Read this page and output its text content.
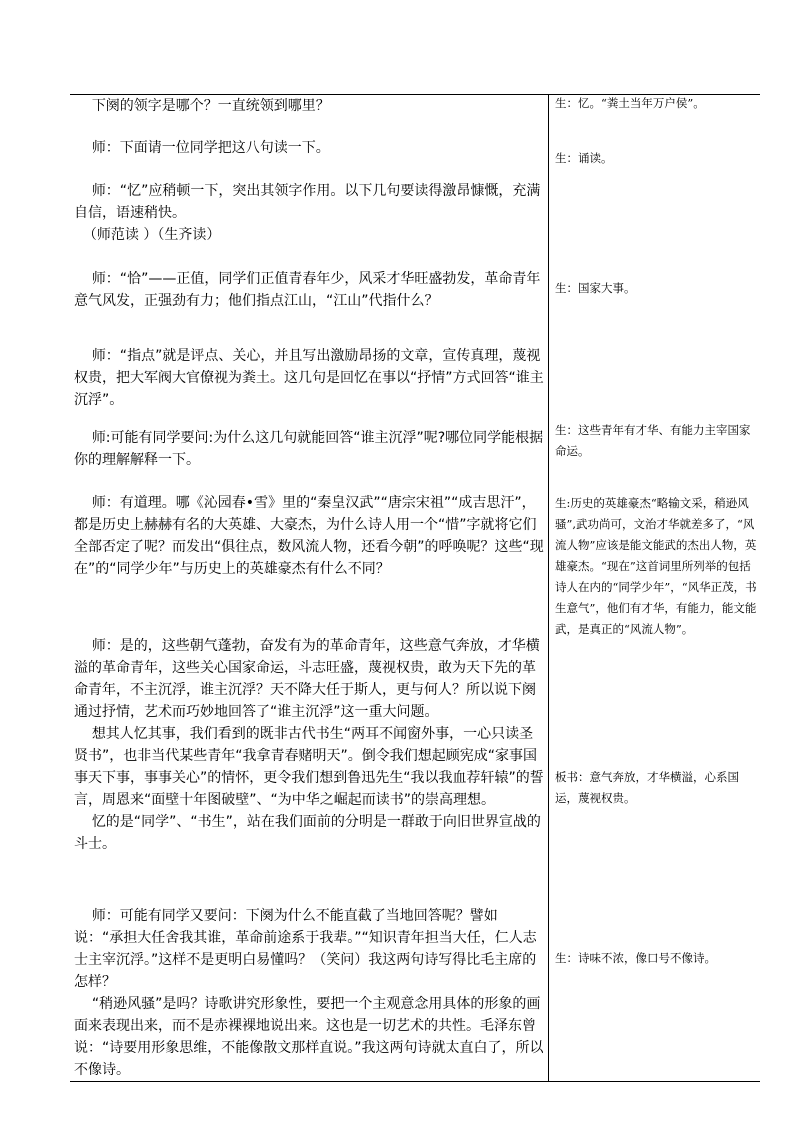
下阕的领字是哪个？一直统领到哪里？
师：下面请一位同学把这八句读一下。
师：“忆”应稍顿一下，突出其领字作用。以下几句要读得激昂慷慨，充满自信，语速稍快。
（师范读 ）（生齐读）
师：“恰”——正值，同学们正值青春年少，风采才华旺盛勃发，革命青年意气风发，正强劲有力；他们指点江山，“江山”代指什么？
师：“指点”就是评点、关心，并且写出激励昂扬的文章，宣传真理，蔑视权贵，把大军阀大官僚视为粪土。这几句是回忆在事以“抒情”方式回答“谁主沉浮”。
师:可能有同学要问:为什么这几句就能回答“谁主沉浮”呢?哪位同学能根据你的理解解释一下。
师：有道理。哪《沁园春•雪》里的“秦皇汉武”“唐宗宋祖”“成吉思汗”，都是历史上赫赫有名的大英雄、大豪杰，为什么诗人用一个“惜”字就将它们全部否定了呢？而发出“俱往点，数风流人物，还看今朝”的呼唤呢？这些“现在”的“同学少年”与历史上的英雄豪杰有什么不同？
师：是的，这些朝气蓬勃，奋发有为的革命青年，这些意气奔放，才华横溢的革命青年，这些关心国家命运，斗志旺盛，蔑视权贵，敢为天下先的革命青年，不主沉浮，谁主沉浮？天不降大任于斯人，更与何人？所以说下阕通过抒情，艺术而巧妙地回答了“谁主沉浮”这一重大问题。
想其人忆其事，我们看到的既非古代书生“两耳不闻窗外事，一心只读圣贤书”，也非当代某些青年“我拿青春赌明天”。倒令我们想起顾宪成“家事国事天下事，事事关心”的情怀，更令我们想到鲁迅先生“我以我血荐轩辕”的誓言，周恩来“面壁十年图破壁”、“为中华之崛起而读书”的崇高理想。
忆的是“同学”、“书生”，站在我们面前的分明是一群敢于向旧世界宣战的斗士。
师：可能有同学又要问：下阕为什么不能直截了当地回答呢？譬如说：“承担大任舍我其谁，革命前途系于我辈。”“知识青年担当大任，仁人志士主宰沉浮。”这样不是更明白易懂吗？（笑问）我这两句诗写得比毛主席的怎样？
“稍逊风骚”是吗？诗歌讲究形象性，要把一个主观意念用具体的形象的画面来表现出来，而不是赤裸裸地说出来。这也是一切艺术的共性。毛泽东曾说：“诗要用形象思维，不能像散文那样直说。”我这两句诗就太直白了，所以不像诗。
生：忆。“粪土当年万户侯”。
生：诵读。
生：国家大事。
生：这些青年有才华、有能力主宰国家命运。
生:历史的英雄豪杰“略输文采，稍逊风骚”,武功尚可，文治才华就差多了，“风流人物”应该是能文能武的杰出人物，英雄豪杰。“现在”这首词里所列举的包括诗人在内的“同学少年”，“风华正茂，书生意气”，他们有才华，有能力，能文能武，是真正的“风流人物”。
板书：意气奔放，才华横溢，心系国运，蔑视权贵。
生：诗味不浓，像口号不像诗。
